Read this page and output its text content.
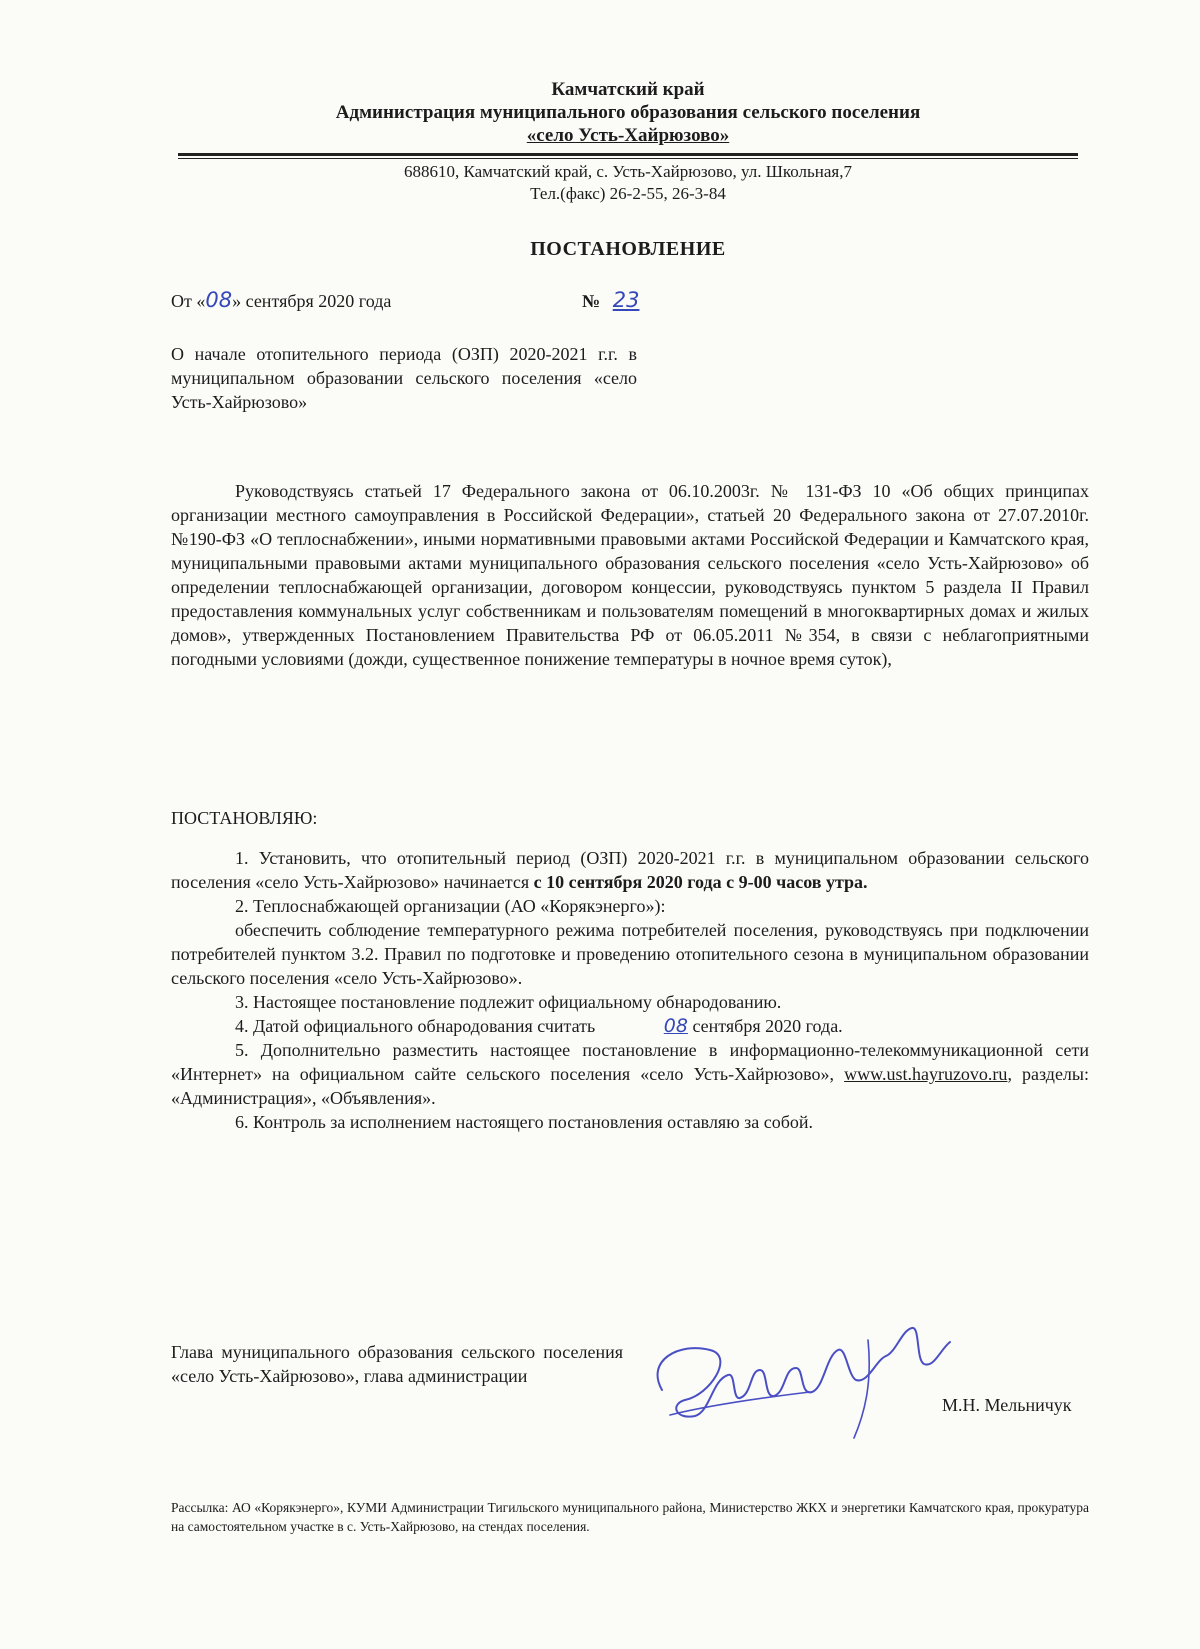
Камчатский край
Администрация муниципального образования сельского поселения
«село Усть-Хайрюзово»
688610, Камчатский край, с. Усть-Хайрюзово, ул. Школьная,7
Тел.(факс) 26-2-55, 26-3-84
ПОСТАНОВЛЕНИЕ
От «08» сентября 2020 года	№ 23
О начале отопительного периода (ОЗП) 2020-2021 г.г. в муниципальном образовании сельского поселения «село Усть-Хайрюзово»
Руководствуясь статьей 17 Федерального закона от 06.10.2003г. № 131-ФЗ 10 «Об общих принципах организации местного самоуправления в Российской Федерации», статьей 20 Федерального закона от 27.07.2010г. №190-ФЗ «О теплоснабжении», иными нормативными правовыми актами Российской Федерации и Камчатского края, муниципальными правовыми актами муниципального образования сельского поселения «село Усть-Хайрюзово» об определении теплоснабжающей организации, договором концессии, руководствуясь пунктом 5 раздела II Правил предоставления коммунальных услуг собственникам и пользователям помещений в многоквартирных домах и жилых домов», утвержденных Постановлением Правительства РФ от 06.05.2011 №354, в связи с неблагоприятными погодными условиями (дожди, существенное понижение температуры в ночное время суток),
ПОСТАНОВЛЯЮ:

1. Установить, что отопительный период (ОЗП) 2020-2021 г.г. в муниципальном образовании сельского поселения «село Усть-Хайрюзово» начинается с 10 сентября 2020 года с 9-00 часов утра.

2. Теплоснабжающей организации (АО «Корякэнерго»):

обеспечить соблюдение температурного режима потребителей поселения, руководствуясь при подключении потребителей пунктом 3.2. Правил по подготовке и проведению отопительного сезона в муниципальном образовании сельского поселения «село Усть-Хайрюзово».

3. Настоящее постановление подлежит официальному обнародованию.

4. Датой официального обнародования считать	08 сентября 2020 года.

5. Дополнительно разместить настоящее постановление в информационно-телекоммуникационной сети «Интернет» на официальном сайте сельского поселения «село Усть-Хайрюзово», www.ust.hayruzovo.ru, разделы: «Администрация», «Объявления».

6. Контроль за исполнением настоящего постановления оставляю за собой.

Глава муниципального образования сельского поселения «село Усть-Хайрюзово», глава администрации
М.Н. Мельничук
Рассылка: АО «Корякэнерго», КУМИ Администрации Тигильского муниципального района, Министерство ЖКХ и энергетики Камчатского края, прокуратура на самостоятельном участке в с. Усть-Хайрюзово, на стендах поселения.
